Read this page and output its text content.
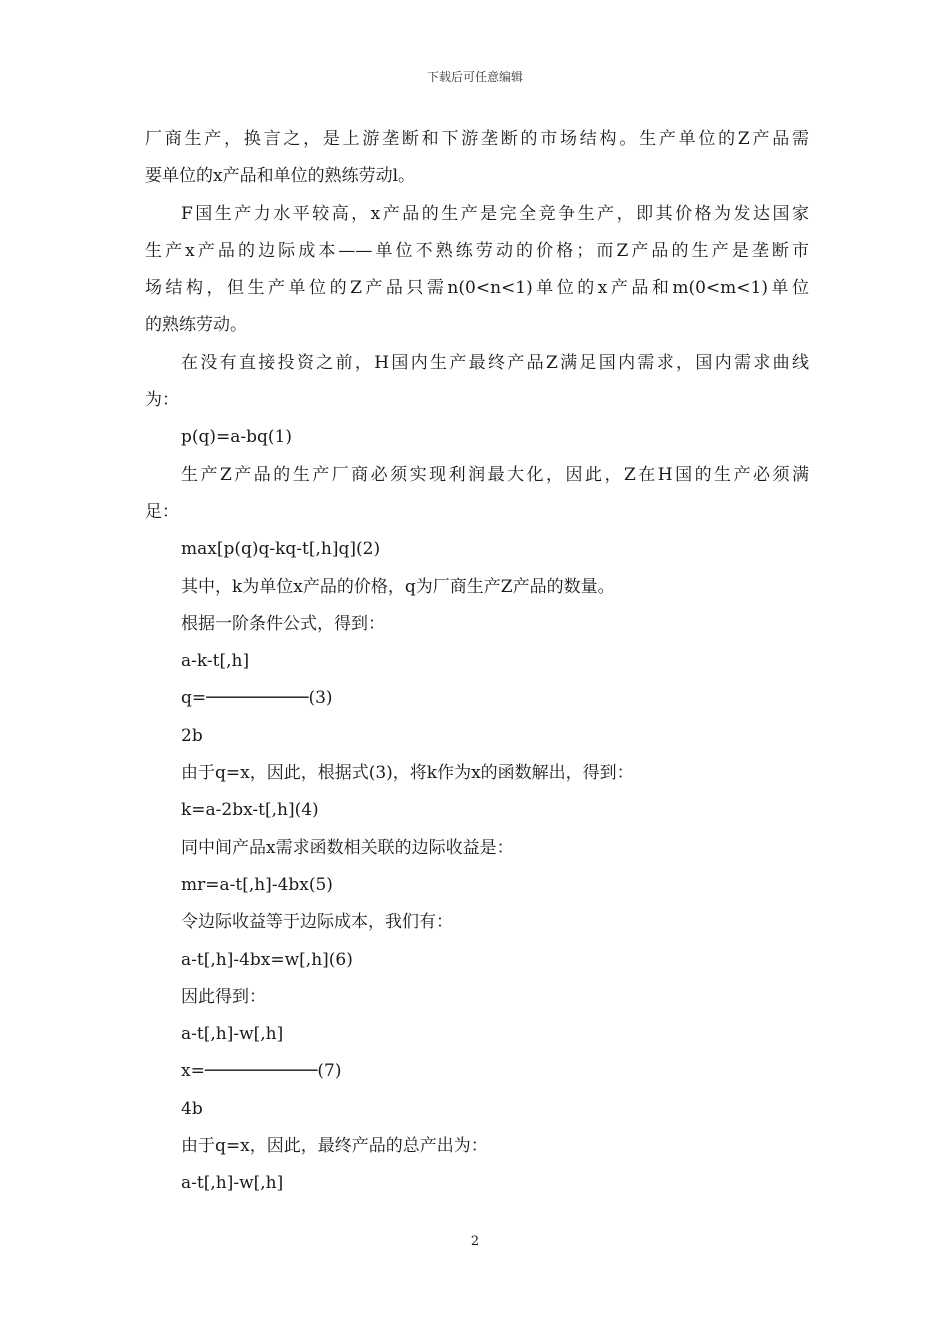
下载后可任意编辑
厂商生产，换言之，是上游垄断和下游垄断的市场结构。生产单位的Z产品需
要单位的x产品和单位的熟练劳动l。
F国生产力水平较高，x产品的生产是完全竞争生产，即其价格为发达国家
生产x产品的边际成本——单位不熟练劳动的价格；而Z产品的生产是垄断市
场结构，但生产单位的Z产品只需n(0<n<1)单位的x产品和m(0<m<1)单位
的熟练劳动。
在没有直接投资之前，H国内生产最终产品Z满足国内需求，国内需求曲线
为：
p(q)=a-bq(1)
生产Z产品的生产厂商必须实现利润最大化，因此，Z在H国的生产必须满
足：
max[p(q)q-kq-t[,h]q](2)
其中，k为单位x产品的价格，q为厂商生产Z产品的数量。
根据一阶条件公式，得到：
a-k-t[,h]
q=──────────(3)
2b
由于q=x，因此，根据式(3)，将k作为x的函数解出，得到：
k=a-2bx-t[,h](4)
同中间产品x需求函数相关联的边际收益是：
mr=a-t[,h]-4bx(5)
令边际收益等于边际成本，我们有：
a-t[,h]-4bx=w[,h](6)
因此得到：
a-t[,h]-w[,h]
x=───────────(7)
4b
由于q=x，因此，最终产品的总产出为：
a-t[,h]-w[,h]
2
